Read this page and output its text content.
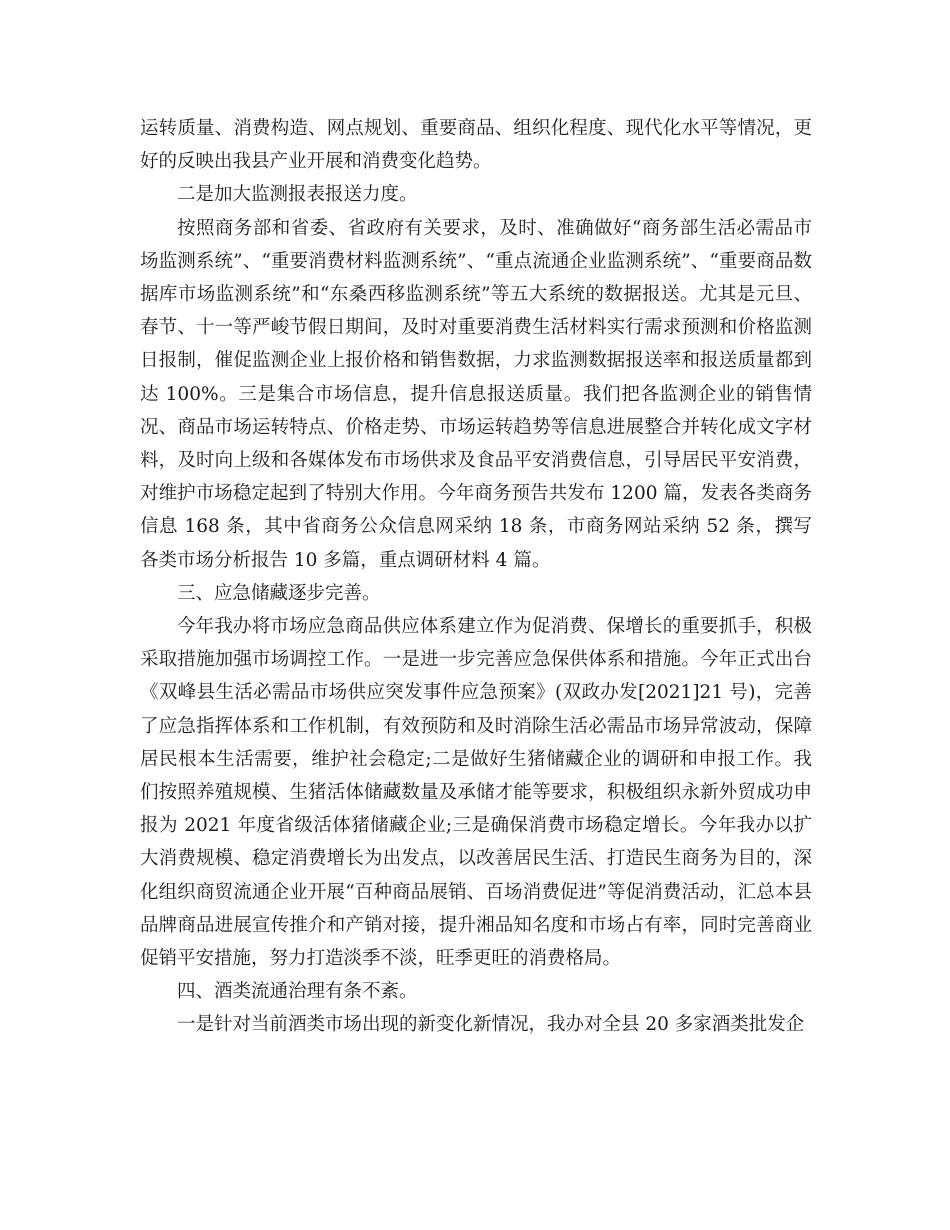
运转质量、消费构造、网点规划、重要商品、组织化程度、现代化水平等情况，更好的反映出我县产业开展和消费变化趋势。

二是加大监测报表报送力度。

按照商务部和省委、省政府有关要求，及时、准确做好“商务部生活必需品市场监测系统”、“重要消费材料监测系统”、“重点流通企业监测系统”、“重要商品数据库市场监测系统”和“东桑西移监测系统”等五大系统的数据报送。尤其是元旦、春节、十一等严峻节假日期间，及时对重要消费生活材料实行需求预测和价格监测日报制，催促监测企业上报价格和销售数据，力求监测数据报送率和报送质量都到达 100%。三是集合市场信息，提升信息报送质量。我们把各监测企业的销售情况、商品市场运转特点、价格走势、市场运转趋势等信息进展整合并转化成文字材料，及时向上级和各媒体发布市场供求及食品平安消费信息，引导居民平安消费，对维护市场稳定起到了特别大作用。今年商务预告共发布 1200 篇，发表各类商务信息 168 条，其中省商务公众信息网采纳 18 条，市商务网站采纳 52 条，撰写各类市场分析报告 10 多篇，重点调研材料 4 篇。

三、应急储藏逐步完善。

今年我办将市场应急商品供应体系建立作为促消费、保增长的重要抓手，积极采取措施加强市场调控工作。一是进一步完善应急保供体系和措施。今年正式出台《双峰县生活必需品市场供应突发事件应急预案》(双政办发[2021]21 号)，完善了应急指挥体系和工作机制，有效预防和及时消除生活必需品市场异常波动，保障居民根本生活需要，维护社会稳定;二是做好生猪储藏企业的调研和申报工作。我们按照养殖规模、生猪活体储藏数量及承储才能等要求，积极组织永新外贸成功申报为 2021 年度省级活体猪储藏企业;三是确保消费市场稳定增长。今年我办以扩大消费规模、稳定消费增长为出发点，以改善居民生活、打造民生商务为目的，深化组织商贸流通企业开展“百种商品展销、百场消费促进”等促消费活动，汇总本县品牌商品进展宣传推介和产销对接，提升湘品知名度和市场占有率，同时完善商业促销平安措施，努力打造淡季不淡，旺季更旺的消费格局。

四、酒类流通治理有条不紊。

一是针对当前酒类市场出现的新变化新情况，我办对全县 20 多家酒类批发企
